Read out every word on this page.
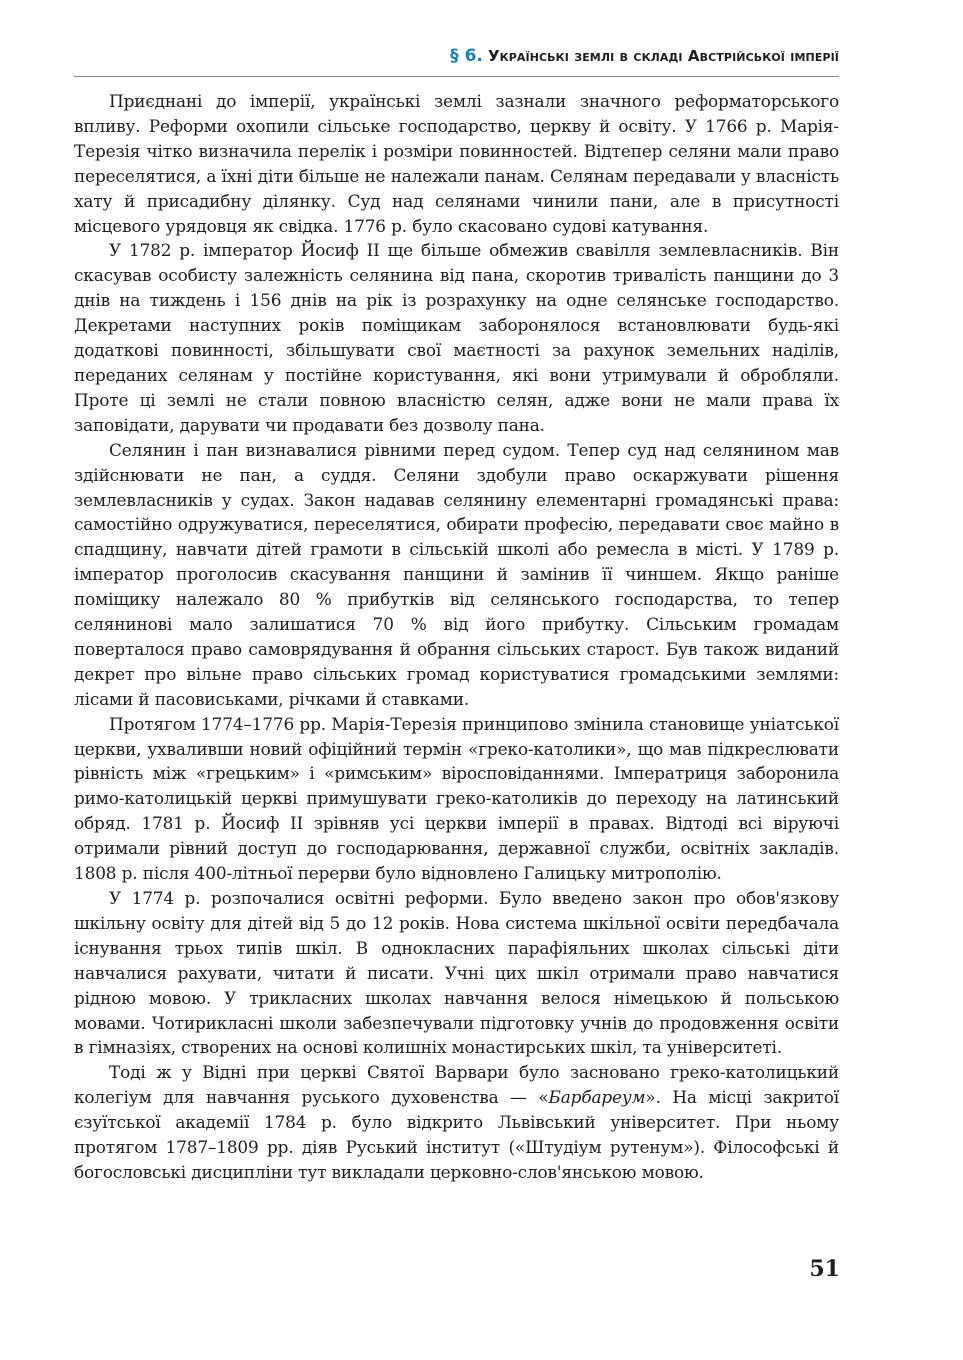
§ 6. Українські землі в складі Австрійської імперії

Приєднані до імперії, українські землі зазнали значного реформаторського впливу. Реформи охопили сільське господарство, церкву й освіту. У 1766 р. Марія-Терезія чітко визначила перелік і розміри повинностей. Відтепер селяни мали право переселятися, а їхні діти більше не належали панам. Селянам передавали у власність хату й присадибну ділянку. Суд над селянами чинили пани, але в присутності місцевого урядовця як свідка. 1776 р. було скасовано судові катування.

У 1782 р. імператор Йосиф ІІ ще більше обмежив свавілля землевласників. Він скасував особисту залежність селянина від пана, скоротив тривалість панщини до 3 днів на тиждень і 156 днів на рік із розрахунку на одне селянське господарство. Декретами наступних років поміщикам заборонялося встановлювати будь-які додаткові повинності, збільшувати свої маєтності за рахунок земельних наділів, переданих селянам у постійне користування, які вони утримували й обробляли. Проте ці землі не стали повною власністю селян, адже вони не мали права їх заповідати, дарувати чи продавати без дозволу пана.

Селянин і пан визнавалися рівними перед судом. Тепер суд над селянином мав здійснювати не пан, а суддя. Селяни здобули право оскаржувати рішення землевласників у судах. Закон надавав селянину елементарні громадянські права: самостійно одружуватися, переселятися, обирати професію, передавати своє майно в спадщину, навчати дітей грамоти в сільській школі або ремесла в місті. У 1789 р. імператор проголосив скасування панщини й замінив її чиншем. Якщо раніше поміщику належало 80 % прибутків від селянського господарства, то тепер селянинові мало залишатися 70 % від його прибутку. Сільським громадам поверталося право самоврядування й обрання сільських старост. Був також виданий декрет про вільне право сільських громад користуватися громадськими землями: лісами й пасовиськами, річками й ставками.

Протягом 1774–1776 рр. Марія-Терезія принципово змінила становище уніатської церкви, ухваливши новий офіційний термін «греко-католики», що мав підкреслювати рівність між «грецьким» і «римським» віросповіданнями. Імператриця заборонила римо-католицькій церкві примушувати греко-католиків до переходу на латинський обряд. 1781 р. Йосиф ІІ зрівняв усі церкви імперії в правах. Відтоді всі віруючі отримали рівний доступ до господарювання, державної служби, освітніх закладів. 1808 р. після 400-літньої перерви було відновлено Галицьку митрополію.

У 1774 р. розпочалися освітні реформи. Було введено закон про обов'язкову шкільну освіту для дітей від 5 до 12 років. Нова система шкільної освіти передбачала існування трьох типів шкіл. В однокласних парафіяльних школах сільські діти навчалися рахувати, читати й писати. Учні цих шкіл отримали право навчатися рідною мовою. У трикласних школах навчання велося німецькою й польською мовами. Чотирикласні школи забезпечували підготовку учнів до продовження освіти в гімназіях, створених на основі колишніх монастирських шкіл, та університеті.

Тоді ж у Відні при церкві Святої Варвари було засновано греко-католицький колегіум для навчання руського духовенства — «Барбареум». На місці закритої єзуїтської академії 1784 р. було відкрито Львівський університет. При ньому протягом 1787–1809 рр. діяв Руський інститут («Штудіум рутенум»). Філософські й богословські дисципліни тут викладали церковно-слов'янською мовою.

51
